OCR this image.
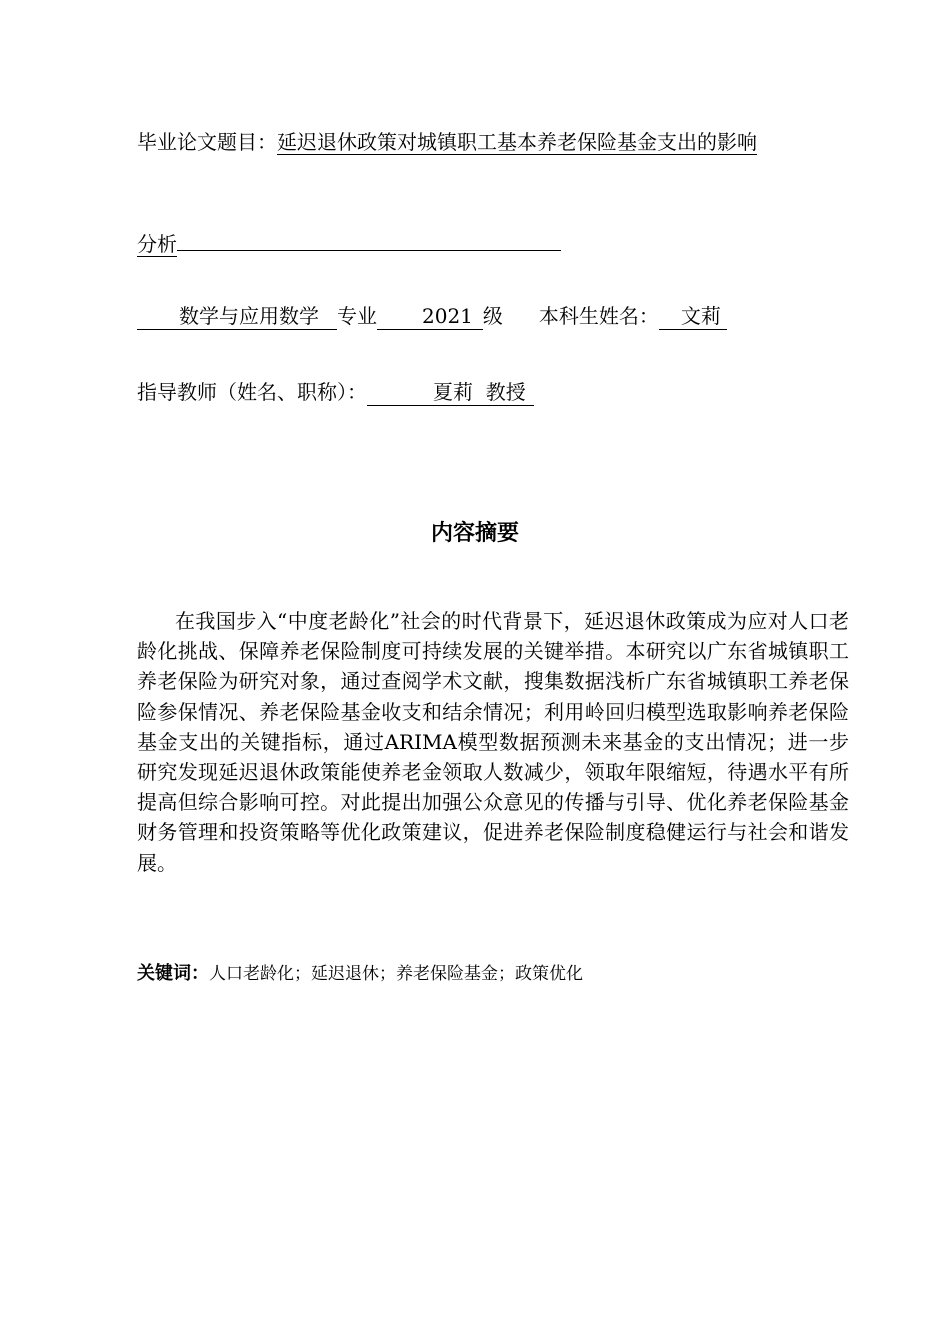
毕业论文题目：延迟退休政策对城镇职工基本养老保险基金支出的影响
分析
数学与应用数学 专业 2021 级 本科生姓名： 文莉
指导教师（姓名、职称）：	夏莉  教授
内容摘要
在我国步入“中度老龄化”社会的时代背景下，延迟退休政策成为应对人口老龄化挑战、保障养老保险制度可持续发展的关键举措。本研究以广东省城镇职工养老保险为研究对象，通过查阅学术文献，搜集数据浅析广东省城镇职工养老保险参保情况、养老保险基金收支和结余情况；利用岭回归模型选取影响养老保险基金支出的关键指标，通过ARIMA模型数据预测未来基金的支出情况；进一步研究发现延迟退休政策能使养老金领取人数减少，领取年限缩短，待遇水平有所提高但综合影响可控。对此提出加强公众意见的传播与引导、优化养老保险基金财务管理和投资策略等优化政策建议，促进养老保险制度稳健运行与社会和谐发展。
关键词：人口老龄化；延迟退休；养老保险基金；政策优化
